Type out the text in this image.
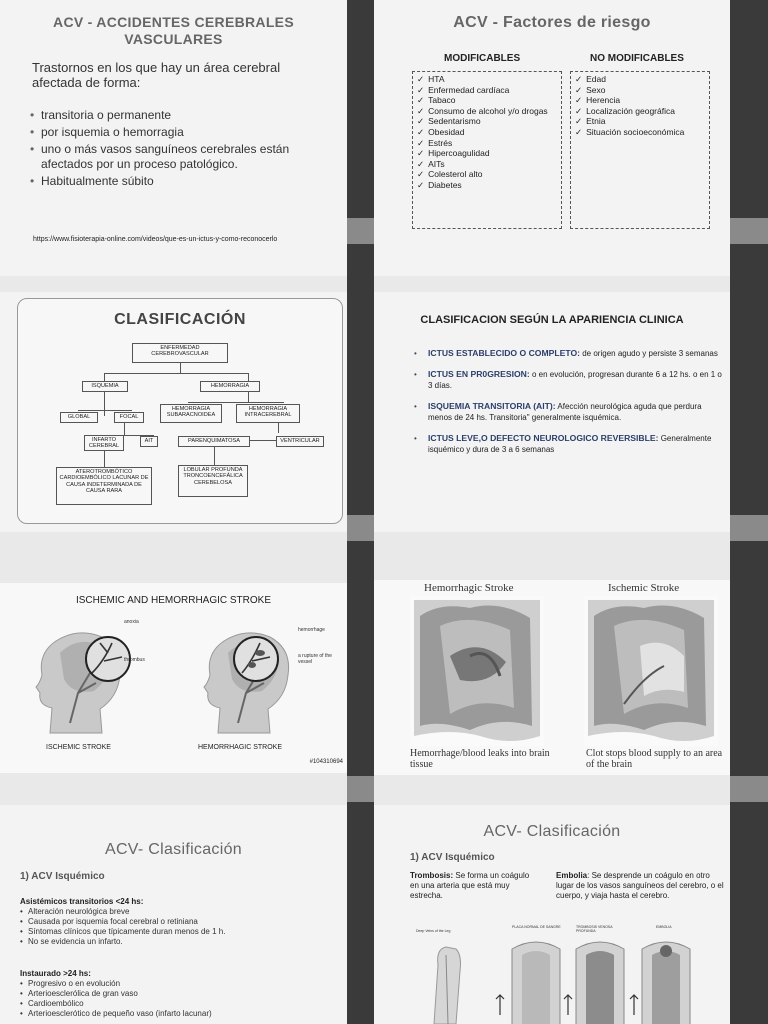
ACV - ACCIDENTES CEREBRALES VASCULARES
Trastornos en los que hay un área cerebral afectada de forma:
• transitoria o permanente
• por isquemia o hemorragia
• uno o más vasos sanguíneos cerebrales están afectados por un proceso patológico.
• Habitualmente súbito
https://www.fisioterapia-online.com/videos/que-es-un-ictus-y-como-reconocerlo
CLASIFICACIÓN
ENFERMEDAD CEREBROVASCULAR
ISQUEMIA	HEMORRAGIA
GLOBAL	FOCAL
HEMORRAGIA SUBARACNOIDEA
HEMORRAGIA INTRACEREBRAL
INFARTO CEREBRAL
AIT	PARENQUIMATOSA	VENTRICULAR
ATEROTROMBÓTICO CARDIOEMBÓLICO LACUNAR DE CAUSA INDETERMINADA DE CAUSA RARA
LOBULAR PROFUNDA TRONCOENCEFÁLICA CEREBELOSA
ISCHEMIC AND HEMORRHAGIC STROKE
anoxia
thrombus
hemorrhage
a rupture of the vessel
ISCHEMIC STROKE	HEMORRHAGIC STROKE
#104310694
ACV- Clasificación
1) ACV Isquémico
Asistémicos transitorios <24 hs:
• Alteración neurológica breve
• Causada por isquemia focal cerebral o retiniana
• Síntomas clínicos que típicamente duran menos de 1 h.
• No se evidencia un infarto.
Instaurado >24 hs:
• Progresivo o en evolución
• Arterioesclerólica de gran vaso
• Cardioembólico
• Arterioesclerótico de pequeño vaso (infarto lacunar)
ACV - Factores de riesgo
MODIFICABLES	NO MODIFICABLES
✓ HTA
✓ Enfermedad cardíaca
✓ Tabaco
✓ Consumo de alcohol y/o drogas
✓ Sedentarismo
✓ Obesidad
✓ Estrés
✓ Hipercoagulidad
✓ AITs
✓ Colesterol alto
✓ Diabetes
✓ Edad
✓ Sexo
✓ Herencia
✓ Localización geográfica
✓ Etnia
✓ Situación socioeconómica
CLASIFICACION SEGÚN LA APARIENCIA CLINICA
• ICTUS ESTABLECIDO O COMPLETO: de origen agudo y persiste 3 semanas
• ICTUS EN PR0GRESION: o en evolución, progresan durante 6 a 12 hs. o en 1 o 3 días.
• ISQUEMIA TRANSITORIA (AIT): Afección neurológica aguda que perdura menos de 24 hs. Transitoria" generalmente isquémica.
• ICTUS LEVE,O DEFECTO NEUROLOGICO REVERSIBLE: Generalmente isquémico y dura de 3 a 6 semanas
Hemorrhagic Stroke	Ischemic Stroke
Hemorrhage/blood leaks into brain tissue
Clot stops blood supply to an area of the brain
ACV- Clasificación
1) ACV Isquémico
Trombosis: Se forma un coágulo en una arteria que está muy estrecha.
Embolia: Se desprende un coágulo en otro lugar de los vasos sanguíneos del cerebro, o el cuerpo, y viaja hasta el cerebro.
Deep Veins of the Leg
PLACA NORMAL DE SANGRE	TROMBOSIS VENOSA PROFUNDA
EMBOLIA
